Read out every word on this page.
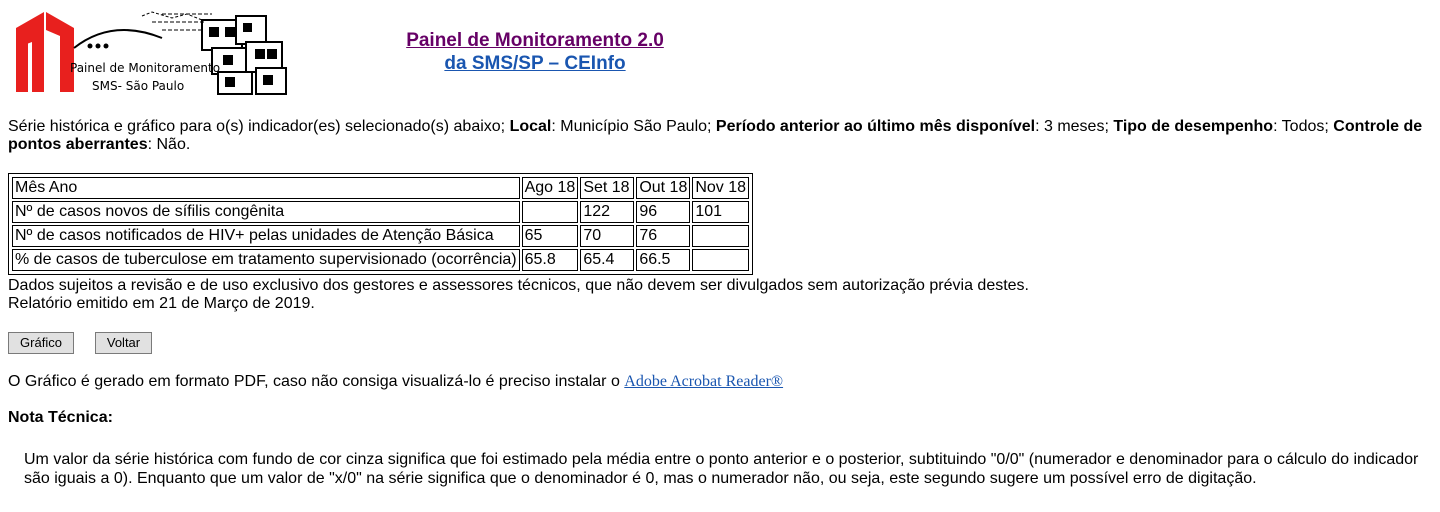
Painel de Monitoramento
SMS- São Paulo
Painel de Monitoramento 2.0
da SMS/SP – CEInfo
Série histórica e gráfico para o(s) indicador(es) selecionado(s) abaixo; Local: Município São Paulo; Período anterior ao último mês disponível: 3 meses; Tipo de desempenho: Todos; Controle de pontos aberrantes: Não.
Mês Ano	Ago 18	Set 18	Out 18	Nov 18
Nº de casos novos de sífilis congênita		122	96	101
Nº de casos notificados de HIV+ pelas unidades de Atenção Básica	65	70	76	
% de casos de tuberculose em tratamento supervisionado (ocorrência)	65.8	65.4	66.5	
Dados sujeitos a revisão e de uso exclusivo dos gestores e assessores técnicos, que não devem ser divulgados sem autorização prévia destes.
Relatório emitido em 21 de Março de 2019.
Gráfico	Voltar
O Gráfico é gerado em formato PDF, caso não consiga visualizá-lo é preciso instalar o Adobe Acrobat Reader®
Nota Técnica:
Um valor da série histórica com fundo de cor cinza significa que foi estimado pela média entre o ponto anterior e o posterior, subtituindo "0/0" (numerador e denominador para o cálculo do indicador são iguais a 0). Enquanto que um valor de "x/0" na série significa que o denominador é 0, mas o numerador não, ou seja, este segundo sugere um possível erro de digitação.
